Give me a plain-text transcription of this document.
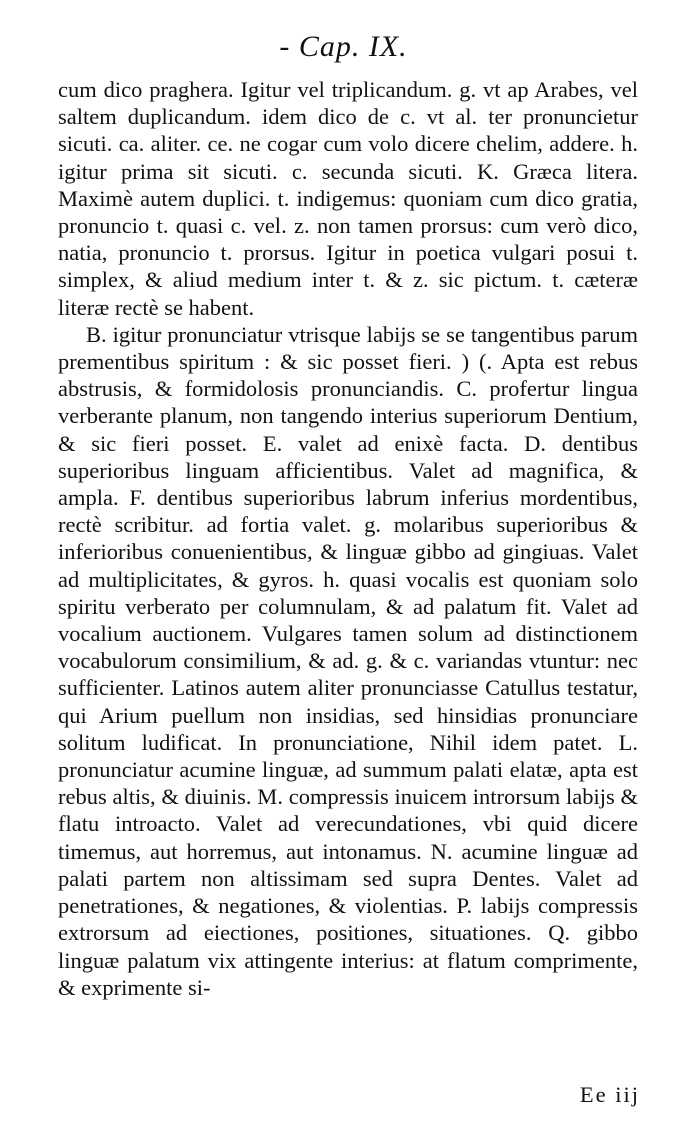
- Cap. IX.

cum dico praghera. Igitur vel triplicandum. g. vt ap Arabes, vel saltem duplicandum. idem dico de c. vt al. ter pronuncietur sicuti. ca. aliter. ce. ne cogar cum volo dicere chelim, addere. h. igitur prima sit sicuti. c. secunda sicuti. K. Græca litera. Maximè autem duplici. t. indigemus: quoniam cum dico gratia, pronuncio t. quasi c. vel. z. non tamen prorsus: cum verò dico, natia, pronuncio t. prorsus. Igitur in poetica vulgari posui t. simplex, & aliud medium inter t. & z. sic pictum. t. cæteræ literæ rectè se habent.

B. igitur pronunciatur vtrisque labijs se se tangentibus parum prementibus spiritum : & sic posset fieri. ) (. Apta est rebus abstrusis, & formidolosis pronunciandis. C. profertur lingua verberante planum, non tangendo interius superiorum Dentium, & sic fieri posset. E. valet ad enixè facta. D. dentibus superioribus linguam afficientibus. Valet ad magnifica, & ampla. F. dentibus superioribus labrum inferius mordentibus, rectè scribitur. ad fortia valet. g. molaribus superioribus & inferioribus conuenientibus, & linguæ gibbo ad gingiuas. Valet ad multiplicitates, & gyros. h. quasi vocalis est quoniam solo spiritu verberato per columnulam, & ad palatum fit. Valet ad vocalium auctionem. Vulgares tamen solum ad distinctionem vocabulorum consimilium, & ad. g. & c. variandas vtuntur: nec sufficienter. Latinos autem aliter pronunciasse Catullus testatur, qui Arium puellum non insidias, sed hinsidias pronunciare solitum ludificat. In pronunciatione, Nihil idem patet. L. pronunciatur acumine linguæ, ad summum palati elatæ, apta est rebus altis, & diuinis. M. compressis inuicem introrsum labijs & flatu introacto. Valet ad verecundationes, vbi quid dicere timemus, aut horremus, aut intonamus. N. acumine linguæ ad palati partem non altissimam sed supra Dentes. Valet ad penetrationes, & negationes, & violentias. P. labijs compressis extrorsum ad eiectiones, positiones, situationes. Q. gibbo linguæ palatum vix attingente interius: at flatum comprimente, & exprimente si-

Ee iij
